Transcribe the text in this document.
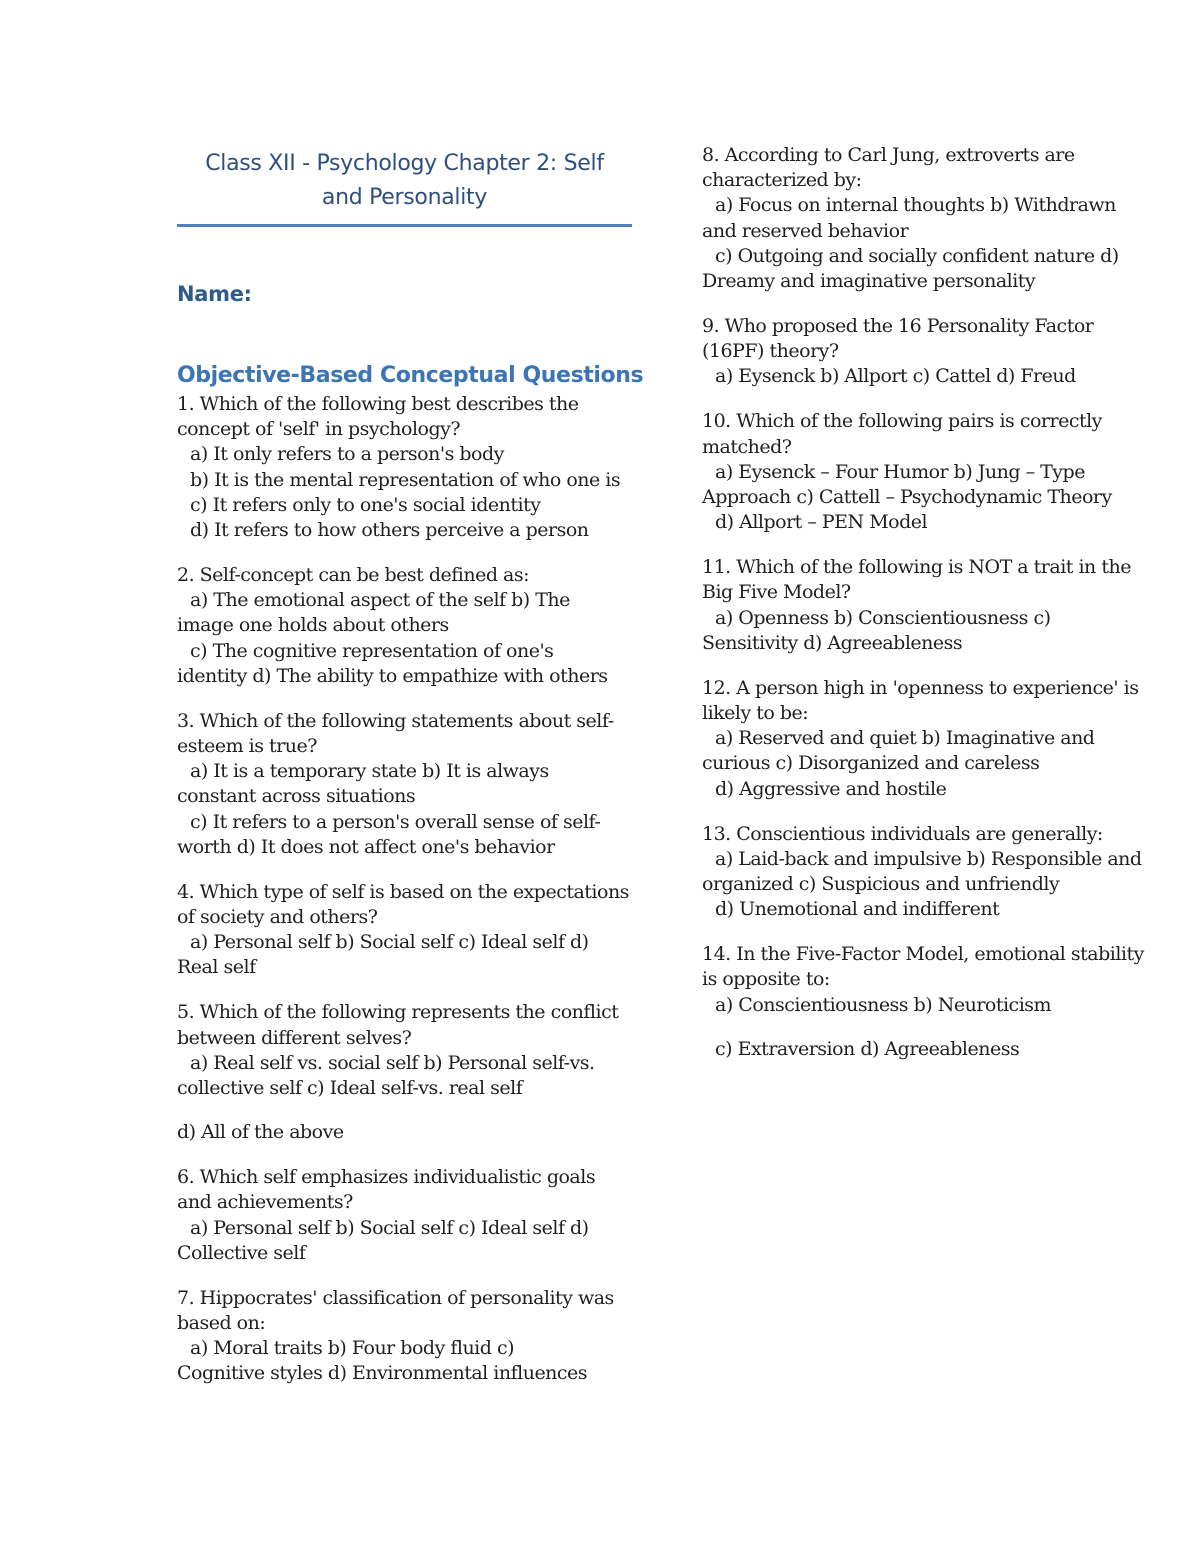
Class XII - Psychology Chapter 2: Self
and Personality
Name:
Objective-Based Conceptual Questions
1. Which of the following best describes the
concept of 'self' in psychology?
a) It only refers to a person's body
b) It is the mental representation of who one is
c) It refers only to one's social identity
d) It refers to how others perceive a person
2. Self-concept can be best defined as:
a) The emotional aspect of the self b) The
image one holds about others
c) The cognitive representation of one's
identity d) The ability to empathize with others
3. Which of the following statements about self-
esteem is true?
a) It is a temporary state b) It is always
constant across situations
c) It refers to a person's overall sense of self-
worth d) It does not affect one's behavior
4. Which type of self is based on the expectations
of society and others?
a) Personal self b) Social self c) Ideal self d)
Real self
5. Which of the following represents the conflict
between different selves?
a) Real self vs. social self b) Personal self-vs.
collective self c) Ideal self-vs. real self
d) All of the above
6. Which self emphasizes individualistic goals
and achievements?
a) Personal self b) Social self c) Ideal self d)
Collective self
7. Hippocrates' classification of personality was
based on:
a) Moral traits b) Four body fluid c)
Cognitive styles d) Environmental influences
8. According to Carl Jung, extroverts are
characterized by:
a) Focus on internal thoughts b) Withdrawn
and reserved behavior
c) Outgoing and socially confident nature d)
Dreamy and imaginative personality
9. Who proposed the 16 Personality Factor
(16PF) theory?
a) Eysenck b) Allport c) Cattel d) Freud
10. Which of the following pairs is correctly
matched?
a) Eysenck – Four Humor b) Jung – Type
Approach c) Cattell – Psychodynamic Theory
d) Allport – PEN Model
11. Which of the following is NOT a trait in the
Big Five Model?
a) Openness b) Conscientiousness c)
Sensitivity d) Agreeableness
12. A person high in 'openness to experience' is
likely to be:
a) Reserved and quiet b) Imaginative and
curious c) Disorganized and careless
d) Aggressive and hostile
13. Conscientious individuals are generally:
a) Laid-back and impulsive b) Responsible and
organized c) Suspicious and unfriendly
d) Unemotional and indifferent
14. In the Five-Factor Model, emotional stability
is opposite to:
a) Conscientiousness b) Neuroticism
c) Extraversion d) Agreeableness
